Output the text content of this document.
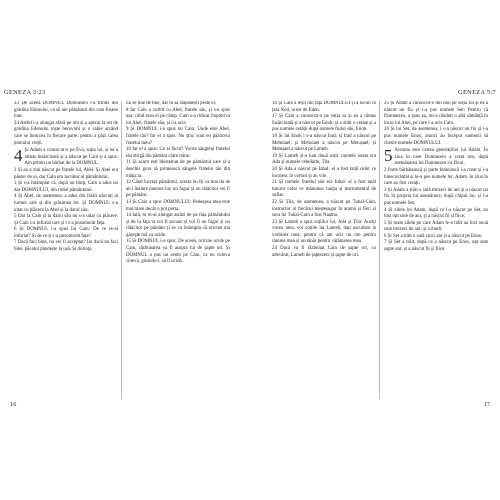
GENEZA 3:23	GENEZA 5:7

23 De aceea DOMNUL Dumnezeu l-a trimis din grădina Edenului, ca să are pământul din care fusese luat.

24 Astfel l-a alungat afară pe om și a așezat la est de grădina Edenului niște heruvimi și o sabie arzând care se întorcea în fiecare parte, pentru a păzi calea pomului vieții.

4 Și Adam a cunoscut-o pe Eva, soția lui, și ea a rămas însărcinată și a născut pe Cain și a spus: Am primit un bărbat de la DOMNUL.

2 Și ea a mai născut pe fratele lui, Abel. Și Abel era păstor de oi, dar Cain era lucrător al pământului.

3 Și s-a întâmplat că, după un timp, Cain a adus un dar DOMNULUI, din rodul pământului.

4 Și Abel, de asemenea, a adus din întâii născuți ai turmei sale și din grăsimea lor. Și DOMNUL s-a uitat cu plăcere la Abel și la darul său;

5 Dar la Cain și la darul său nu s-a uitat cu plăcere. Și Cain s-a înfuriat tare și i s-a posomorât fața.

6 Și DOMNUL i-a spus lui Cain: De ce te-ai înfuriat? Și de ce ți s-a posomorât fața?

7 Dacă faci bine, nu vei fi acceptat? Iar dacă nu faci bine, păcatul pândește la ușă. Și dorința

lui se ține de tine, dar tu să stăpânești peste el.

8 Iar Cain a vorbit cu Abel, fratele său, și s-a spus asa: când erau ei pe câmp, Cain s-a ridicat împotriva lui Abel, fratele său, și l-a ucis.

9 Și DOMNUL i-a spus lui Cain: Unde este Abel, fratele tău? Iar el a spus: Nu știu; sunt eu păzitorul fratelui meu?

10 Iar el a spus: Ce ai făcut? Vocea sângelui fratelui tău strigă din pământ către mine.

11 Și acum ești blestemat de pe pământul care și-a deschis gura să primească sângele fratelui tău din mâna ta.

12 Când lucrezi pământul, acesta nu îți va mai da de aici înainte puterea lui; un fugar și un rătăcitor vei fi pe pământ.

13 Și Cain a spus DOMNULUI: Pedeapsa mea este mai mare decât o pot purta.

14 Iată, tu m-ai alungat astăzi de pe fața pământului și de la fața ta voi fi ascuns și voi fi un fugar și un rătăcitor pe pământ și se va întâmpla că oricine mă găsește mă va ucide.

15 Și DOMNUL i-a spus: De aceea, oricine ucide pe Cain, răzbunarea va fi asupra lui de șapte ori. Și DOMNUL a pus un semn pe Cain, ca nu cumva cineva, găsindu-l, să îl ucidă.

16

16 Și Cain a ieșit din fața DOMNULUI și a locuit în țara Nod, la est de Eden.

17 Și Cain a cunoscut-o pe soția sa și ea a rămas însărcinată și a născut pe Enoh; și a zidit o cetate și a pus numele cetății după numele fiului său, Enoh.

18 Și lui Enoh i s-a născut Irad; și Irad a născut pe Mehuiael; și Mehuiael a născut pe Metușael; și Metușael a născut pe Lameh.

19 Și Lameh și-a luat două soții: numele uneia era Ada și numele celeilalte, Țila.

20 Și Ada a născut pe Iabal: el a fost tatăl celor ce locuiesc în corturi și au vite.

21 Și numele fratelui său era Iubal: el a fost tatăl tuturor celor ce mânuiesc harpa și instrumentul de suflat.

22 Și Țila, de asemenea, a născut pe Tubal-Cain, instructor al fiecărui meșteșugar în aramă și fier; și sora lui Tubal-Cain a fost Naama.

23 Și Lameh a spus soțiilor lui, Ada și Țila: Auziți vocea mea, voi soțiile lui Lameh, dați ascultare la vorbirea mea: pentru că am ucis un om pentru rănirea mea și un tânăr pentru vătămarea mea.

24 Dacă va fi răzbunat Cain de șapte ori, cu adevărat, Lameh de șaptezeci și șapte de ori.

25 Și Adam a cunoscut-o din nou pe soția lui și ea a născut un fiu și i-a pus numele Set: Pentru că Dumnezeu, a spus ea, mi-a rânduit o altă sămânță în locul lui Abel, pe care l-a ucis Cain.

26 Și lui Set, de asemenea, i s-a născut un fiu și i-a pus numele Enos; atunci au început oamenii să cheme numele DOMNULUI.

5 Aceasta este cartea generațiilor lui Adam. În ziua în care Dumnezeu a creat om, după asemănarea lui Dumnezeu l-a făcut.

2 Parte bărbătească și parte femeiască i-a creat și i-a binecuvântat și le-a pus numele lor, Adam, în ziua în care au fost creați.

3 Și Adam a trăit o sută treizeci de ani și a născut un fiu în propria lui asemănare, după chipul lui, și i-a pus numele Set;

4 Și zilele lui Adam, după ce l-a născut pe Set, au fost opt sute de ani; și a născut fii și fiice;

5 Și toate zilele pe care Adam le-a trăit au fost nouă sute treizeci de ani; și a murit.

6 Și Set a trăit o sută cinci ani și a născut pe Enos;

7 Și Set a trăit, după ce a născut pe Enos, opt sute șapte ani; și a născut fii și fiice;

17
